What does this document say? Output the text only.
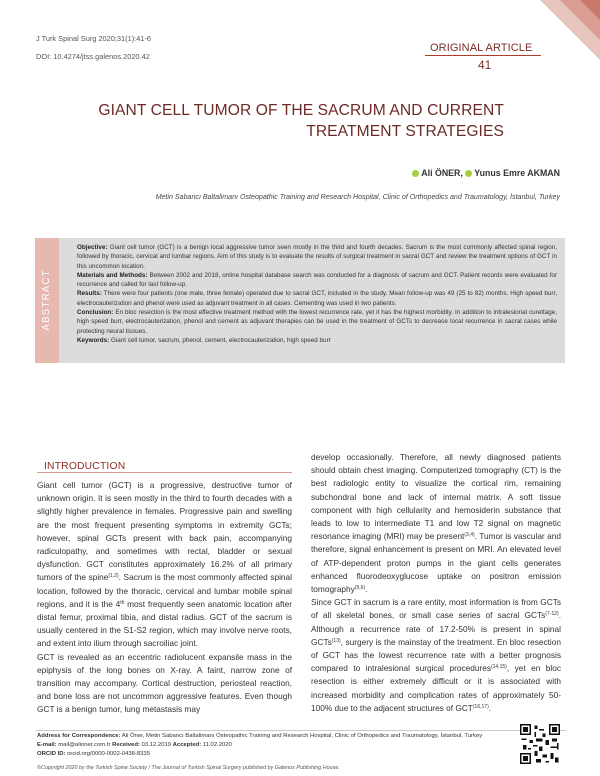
J Turk Spinal Surg 2020;31(1):41-6
DOI: 10.4274/jtss.galenos.2020.42
ORIGINAL ARTICLE
41
GIANT CELL TUMOR OF THE SACRUM AND CURRENT
TREATMENT STRATEGIES
Ali ÖNER, Yunus Emre AKMAN
Metin Sabancı Baltalimanı Osteopathic Training and Research Hospital, Clinic of Orthopedics and Traumatology, İstanbul, Turkey
ABSTRACT

Objective: Giant cell tumor (GCT) is a benign local aggressive tumor seen mostly in the third and fourth decades. Sacrum is the most commonly affected spinal region, followed by thoracic, cervical and lumbar regions. Aim of this study is to evaluate the results of surgical treatment in sacral GCT and review the treatment options of GCT in this uncommon location.

Materials and Methods: Between 2002 and 2018, online hospital database search was conducted for a diagnosis of sacrum and GCT. Patient records were evaluated for recurrence and called for last follow-up.

Results: There were four patients (one male, three female) operated due to sacral GCT, included in the study. Mean follow-up was 49 (25 to 82) months. High speed burr, electrocauterization and phenol were used as adjuvant treatment in all cases. Cementing was used in two patients.

Conclusion: En bloc resection is the most effective treatment method with the lowest recurrence rate, yet it has the highest morbidity. In addition to intralesional curettage, high speed burr, electrocauterization, phenol and cement as adjuvant therapies can be used in the treatment of GCTs to decrease local recurrence in sacral cases while protecting neural tissues.

Keywords: Giant cell tumor, sacrum, phenol, cement, electrocauterization, high speed burr

INTRODUCTION

Giant cell tumor (GCT) is a progressive, destructive tumor of unknown origin. It is seen mostly in the third to fourth decades with a slightly higher prevalence in females. Progressive pain and swelling are the most frequent presenting symptoms in extremity GCTs; however, spinal GCTs present with back pain, accompanying radiculopathy, and sometimes with rectal, bladder or sexual dysfunction. GCT constitutes approximately 16.2% of all primary tumors of the spine$^{(1,2)}$. Sacrum is the most commonly affected spinal location, followed by the thoracic, cervical and lumbar mobile spinal regions, and it is the 4th most frequently seen anatomic location after distal femur, proximal tibia, and distal radius. GCT of the sacrum is usually centered in the S1-S2 region, which may involve nerve roots, and extent into ilium through sacroiliac joint.

GCT is revealed as an eccentric radiolucent expansile mass in the epiphysis of the long bones on X-ray. A faint, narrow zone of transition may accompany. Cortical destruction, periosteal reaction, and bone loss are not uncommon aggressive features. Even though GCT is a benign tumor, lung metastasis may

develop occasionally. Therefore, all newly diagnosed patients should obtain chest imaging. Computerized tomography (CT) is the best radiologic entity to visualize the cortical rim, remaining subchondral bone and lack of internal matrix. A soft tissue component with high cellularity and hemosiderin substance that leads to low to intermediate T1 and low T2 signal on magnetic resonance imaging (MRI) may be present$^{(3,4)}$. Tumor is vascular and therefore, signal enhancement is present on MRI. An elevated level of ATP-dependent proton pumps in the giant cells generates enhanced fluorodeoxyglucose uptake on positron emission tomography$^{(5,6)}$.

Since GCT in sacrum is a rare entity, most information is from GCTs of all skeletal bones, or small case series of sacral GCTs$^{(7-12)}$. Although a recurrence rate of 17.2-50% is present in spinal GCTs$^{(13)}$, surgery is the mainstay of the treatment. En bloc resection of GCT has the lowest recurrence rate with a better prognosis compared to intralesional surgical procedures$^{(14,15)}$, yet en bloc resection is either extremely difficult or it is associated with increased morbidity and complication rates of approximately 50-100% due to the adjacent structures of GCT$^{(16,17)}$.

Address for Correspondence: Ali Öner, Metin Sabancı Baltalimanı Osteopathic Training and Research Hospital, Clinic of Orthopedics and Traumatology, İstanbul, Turkey

E-mail: mail@alioner.com.tr Received: 03.12.2019 Accepted: 11.02.2020

ORCID ID: orcid.org/0000-0002-0438-8335

©Copyright 2020 by the Turkish Spine Society / The Journal of Turkish Spinal Surgery published by Galenos Publishing House.
